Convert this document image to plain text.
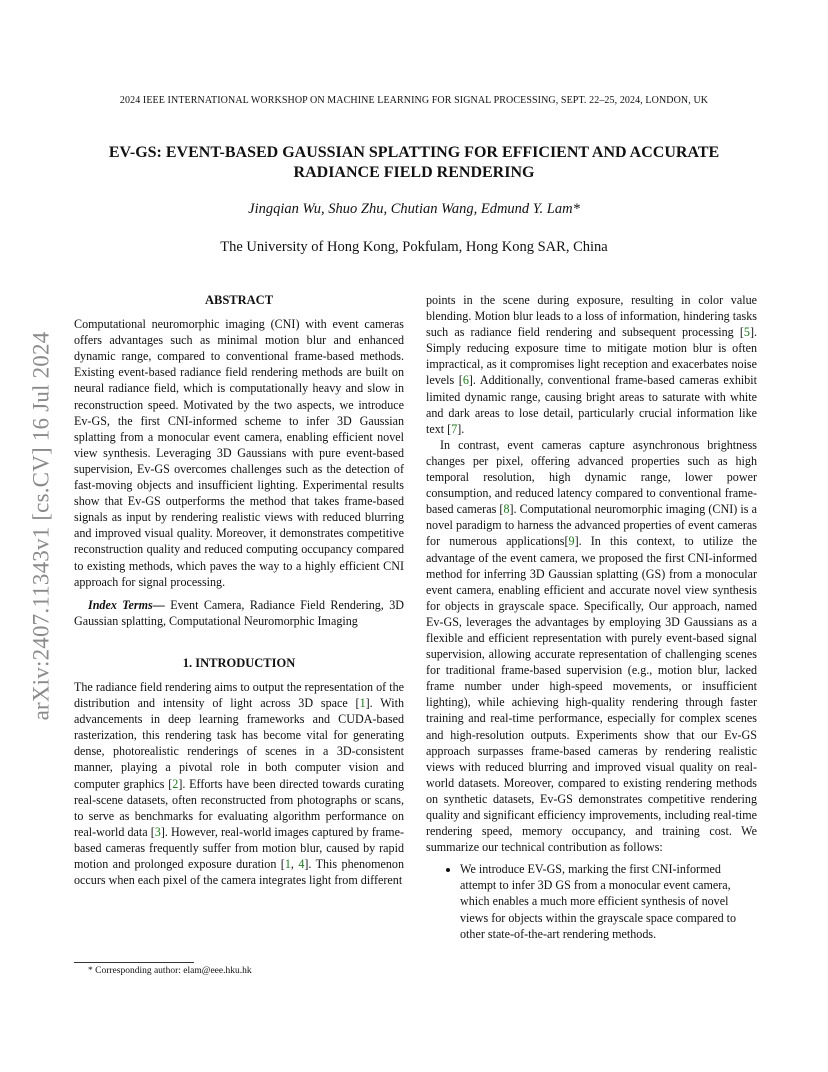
arXiv:2407.11343v1 [cs.CV] 16 Jul 2024
2024 IEEE INTERNATIONAL WORKSHOP ON MACHINE LEARNING FOR SIGNAL PROCESSING, SEPT. 22–25, 2024, LONDON, UK
EV-GS: EVENT-BASED GAUSSIAN SPLATTING FOR EFFICIENT AND ACCURATE RADIANCE FIELD RENDERING
Jingqian Wu, Shuo Zhu, Chutian Wang, Edmund Y. Lam*
The University of Hong Kong, Pokfulam, Hong Kong SAR, China
ABSTRACT

Computational neuromorphic imaging (CNI) with event cameras offers advantages such as minimal motion blur and enhanced dynamic range, compared to conventional frame-based methods. Existing event-based radiance field rendering methods are built on neural radiance field, which is computationally heavy and slow in reconstruction speed. Motivated by the two aspects, we introduce Ev-GS, the first CNI-informed scheme to infer 3D Gaussian splatting from a monocular event camera, enabling efficient novel view synthesis. Leveraging 3D Gaussians with pure event-based supervision, Ev-GS overcomes challenges such as the detection of fast-moving objects and insufficient lighting. Experimental results show that Ev-GS outperforms the method that takes frame-based signals as input by rendering realistic views with reduced blurring and improved visual quality. Moreover, it demonstrates competitive reconstruction quality and reduced computing occupancy compared to existing methods, which paves the way to a highly efficient CNI approach for signal processing.

Index Terms— Event Camera, Radiance Field Rendering, 3D Gaussian splatting, Computational Neuromorphic Imaging

1. INTRODUCTION

The radiance field rendering aims to output the representation of the distribution and intensity of light across 3D space [1]. With advancements in deep learning frameworks and CUDA-based rasterization, this rendering task has become vital for generating dense, photorealistic renderings of scenes in a 3D-consistent manner, playing a pivotal role in both computer vision and computer graphics [2]. Efforts have been directed towards curating real-scene datasets, often reconstructed from photographs or scans, to serve as benchmarks for evaluating algorithm performance on real-world data [3]. However, real-world images captured by frame-based cameras frequently suffer from motion blur, caused by rapid motion and prolonged exposure duration [1, 4]. This phenomenon occurs when each pixel of the camera integrates light from different

* Corresponding author: elam@eee.hku.hk

points in the scene during exposure, resulting in color value blending. Motion blur leads to a loss of information, hindering tasks such as radiance field rendering and subsequent processing [5]. Simply reducing exposure time to mitigate motion blur is often impractical, as it compromises light reception and exacerbates noise levels [6]. Additionally, conventional frame-based cameras exhibit limited dynamic range, causing bright areas to saturate with white and dark areas to lose detail, particularly crucial information like text [7].

In contrast, event cameras capture asynchronous brightness changes per pixel, offering advanced properties such as high temporal resolution, high dynamic range, lower power consumption, and reduced latency compared to conventional frame-based cameras [8]. Computational neuromorphic imaging (CNI) is a novel paradigm to harness the advanced properties of event cameras for numerous applications[9]. In this context, to utilize the advantage of the event camera, we proposed the first CNI-informed method for inferring 3D Gaussian splatting (GS) from a monocular event camera, enabling efficient and accurate novel view synthesis for objects in grayscale space. Specifically, Our approach, named Ev-GS, leverages the advantages by employing 3D Gaussians as a flexible and efficient representation with purely event-based signal supervision, allowing accurate representation of challenging scenes for traditional frame-based supervision (e.g., motion blur, lacked frame number under high-speed movements, or insufficient lighting), while achieving high-quality rendering through faster training and real-time performance, especially for complex scenes and high-resolution outputs. Experiments show that our Ev-GS approach surpasses frame-based cameras by rendering realistic views with reduced blurring and improved visual quality on real-world datasets. Moreover, compared to existing rendering methods on synthetic datasets, Ev-GS demonstrates competitive rendering quality and significant efficiency improvements, including real-time rendering speed, memory occupancy, and training cost. We summarize our technical contribution as follows:

• We introduce EV-GS, marking the first CNI-informed attempt to infer 3D GS from a monocular event camera, which enables a much more efficient synthesis of novel views for objects within the grayscale space compared to other state-of-the-art rendering methods.
